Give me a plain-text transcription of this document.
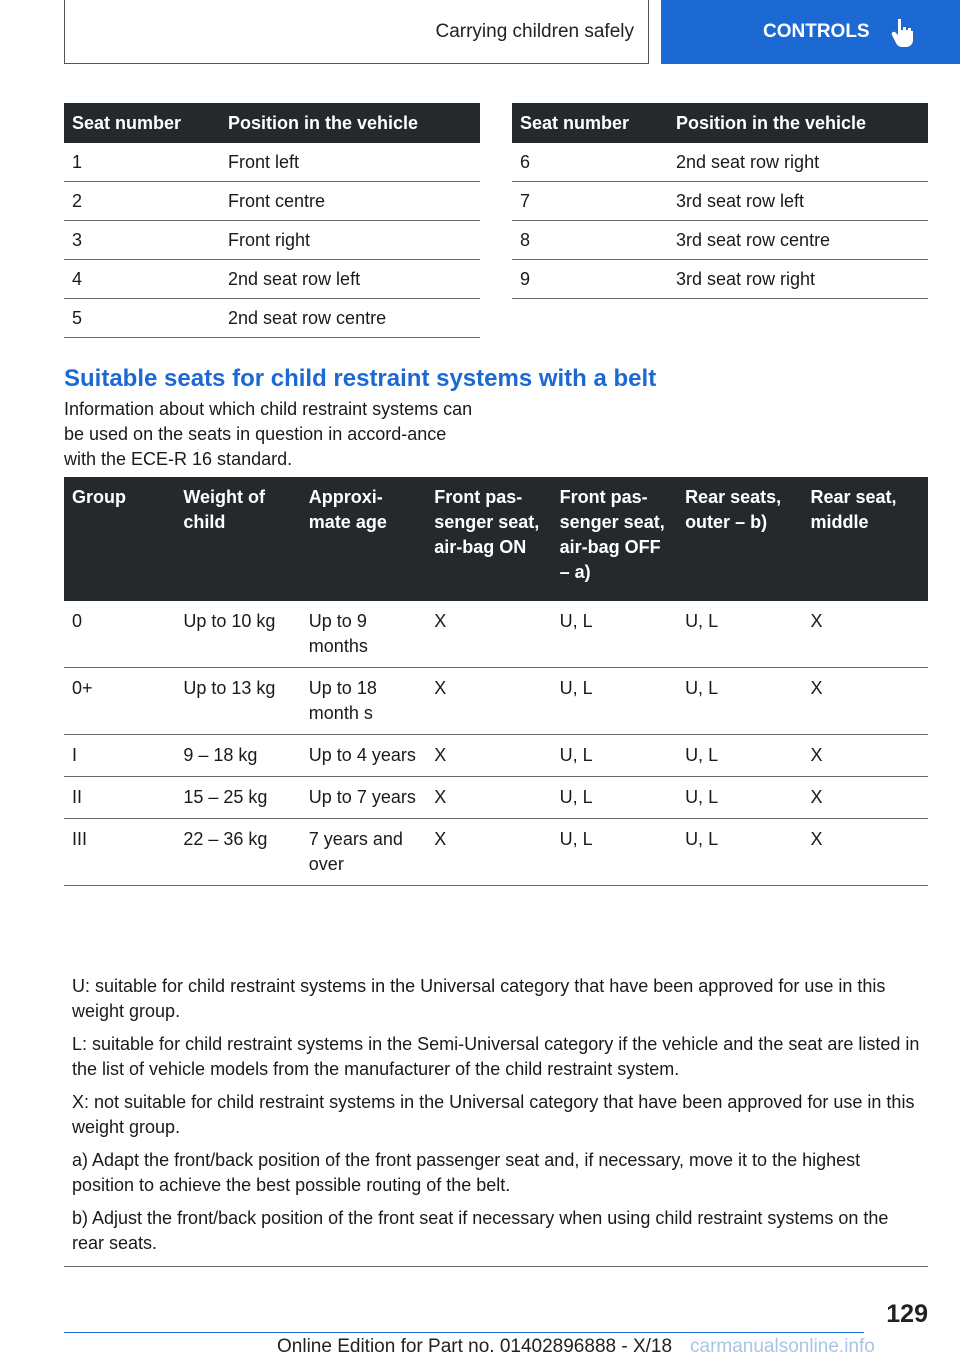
Carrying children safely	CONTROLS
Seat number	Position in the vehicle
1	Front left
2	Front centre
3	Front right
4	2nd seat row left
5	2nd seat row centre
Seat number	Position in the vehicle
6	2nd seat row right
7	3rd seat row left
8	3rd seat row centre
9	3rd seat row right
Suitable seats for child restraint systems with a belt

Information about which child restraint systems can be used on the seats in question in accord-ance with the ECE-R 16 standard.

Group	Weight of child	Approxi-mate age	Front pas-senger seat, air-bag ON	Front pas-senger seat, air-bag OFF – a)	Rear seats, outer – b)	Rear seat, middle
0	Up to 10 kg	Up to 9 months	X	U, L	U, L	X
0+	Up to 13 kg	Up to 18 month s	X	U, L	U, L	X
I	9 – 18 kg	Up to 4 years	X	U, L	U, L	X
II	15 – 25 kg	Up to 7 years	X	U, L	U, L	X
III	22 – 36 kg	7 years and over	X	U, L	U, L	X

U: suitable for child restraint systems in the Universal category that have been approved for use in this weight group.

L: suitable for child restraint systems in the Semi-Universal category if the vehicle and the seat are listed in the list of vehicle models from the manufacturer of the child restraint system.

X: not suitable for child restraint systems in the Universal category that have been approved for use in this weight group.

a) Adapt the front/back position of the front passenger seat and, if necessary, move it to the highest position to achieve the best possible routing of the belt.

b) Adjust the front/back position of the front seat if necessary when using child restraint systems on the rear seats.

129
Online Edition for Part no. 01402896888 - X/18 carmanualsonline.info
